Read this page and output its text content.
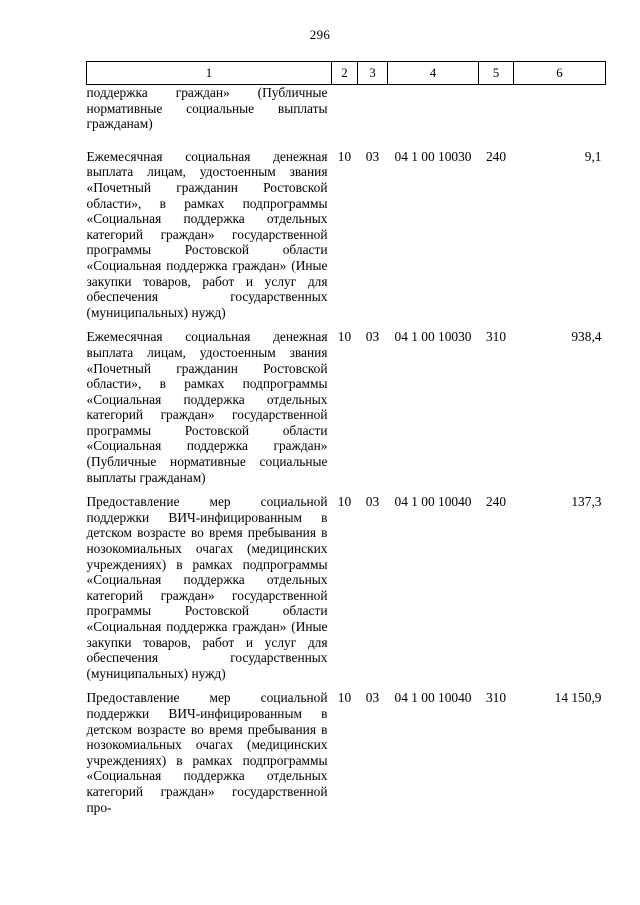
296
1	2	3	4	5	6
поддержка граждан» (Публичные нормативные социальные выплаты гражданам)					
Ежемесячная социальная денежная выплата лицам, удостоенным звания «Почетный гражданин Ростовской области», в рамках подпрограммы «Социальная поддержка отдельных категорий граждан» государственной программы Ростовской области «Социальная поддержка граждан» (Иные закупки товаров, работ и услуг для обеспечения государственных (муниципальных) нужд)	10	03	04 1 00 10030	240	9,1
Ежемесячная социальная денежная выплата лицам, удостоенным звания «Почетный гражданин Ростовской области», в рамках подпрограммы «Социальная поддержка отдельных категорий граждан» государственной программы Ростовской области «Социальная поддержка граждан» (Публичные нормативные социальные выплаты гражданам)	10	03	04 1 00 10030	310	938,4
Предоставление мер социальной поддержки ВИЧ-инфицированным в детском возрасте во время пребывания в нозокомиальных очагах (медицинских учреждениях) в рамках подпрограммы «Социальная поддержка отдельных категорий граждан» государственной программы Ростовской области «Социальная поддержка граждан» (Иные закупки товаров, работ и услуг для обеспечения государственных (муниципальных) нужд)	10	03	04 1 00 10040	240	137,3
Предоставление мер социальной поддержки ВИЧ-инфицированным в детском возрасте во время пребывания в нозокомиальных очагах (медицинских учреждениях) в рамках подпрограммы «Социальная поддержка отдельных категорий граждан» государственной про-	10	03	04 1 00 10040	310	14 150,9
